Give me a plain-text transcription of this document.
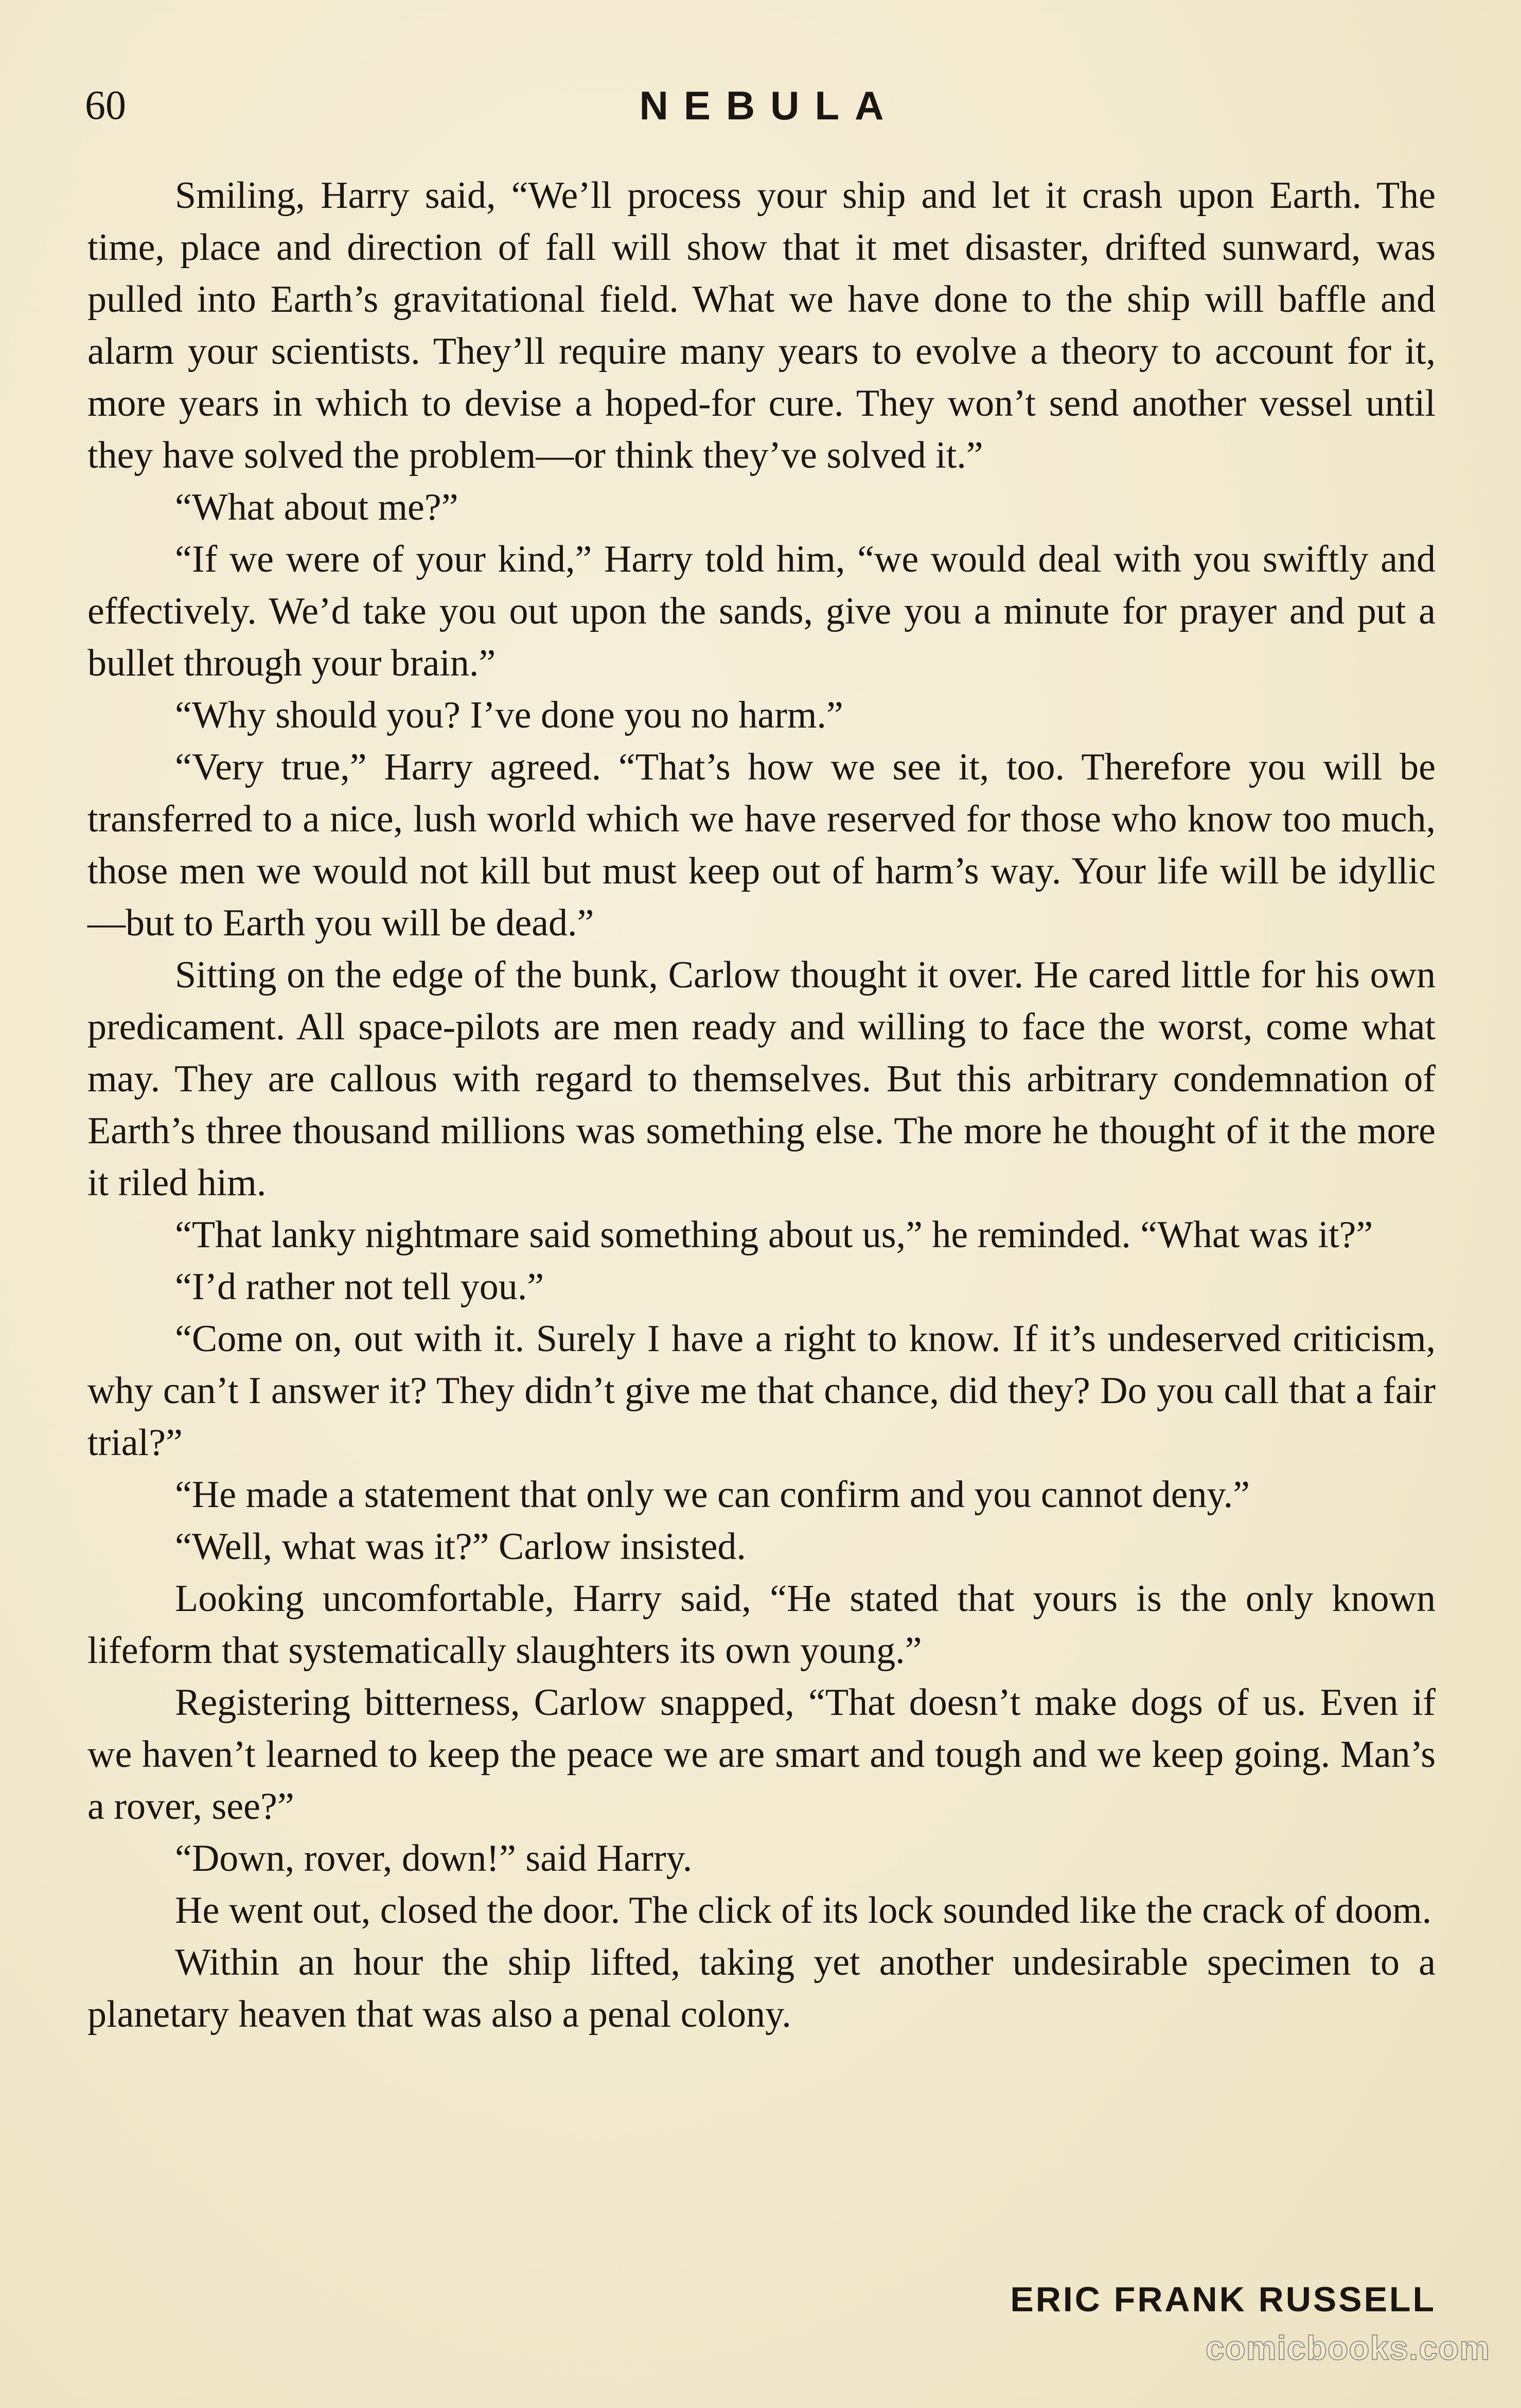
60	NEBULA

Smiling, Harry said, “We’ll process your ship and let it crash upon Earth. The time, place and direction of fall will show that it met disaster, drifted sunward, was pulled into Earth’s gravitational field. What we have done to the ship will baffle and alarm your scientists. They’ll require many years to evolve a theory to account for it, more years in which to devise a hoped-for cure. They won’t send another vessel until they have solved the problem—or think they’ve solved it.”

“What about me?”

“If we were of your kind,” Harry told him, “we would deal with you swiftly and effectively. We’d take you out upon the sands, give you a minute for prayer and put a bullet through your brain.”

“Why should you? I’ve done you no harm.”

“Very true,” Harry agreed. “That’s how we see it, too. Therefore you will be transferred to a nice, lush world which we have reserved for those who know too much, those men we would not kill but must keep out of harm’s way. Your life will be idyllic—but to Earth you will be dead.”

Sitting on the edge of the bunk, Carlow thought it over. He cared little for his own predicament. All space-pilots are men ready and willing to face the worst, come what may. They are callous with regard to themselves. But this arbitrary condemnation of Earth’s three thousand millions was something else. The more he thought of it the more it riled him.

“That lanky nightmare said something about us,” he reminded. “What was it?”

“I’d rather not tell you.”

“Come on, out with it. Surely I have a right to know. If it’s undeserved criticism, why can’t I answer it? They didn’t give me that chance, did they? Do you call that a fair trial?”

“He made a statement that only we can confirm and you cannot deny.”

“Well, what was it?” Carlow insisted.

Looking uncomfortable, Harry said, “He stated that yours is the only known lifeform that systematically slaughters its own young.”

Registering bitterness, Carlow snapped, “That doesn’t make dogs of us. Even if we haven’t learned to keep the peace we are smart and tough and we keep going. Man’s a rover, see?”

“Down, rover, down!” said Harry.

He went out, closed the door. The click of its lock sounded like the crack of doom.

Within an hour the ship lifted, taking yet another undesirable specimen to a planetary heaven that was also a penal colony.

ERIC FRANK RUSSELL
comicbooks.com
